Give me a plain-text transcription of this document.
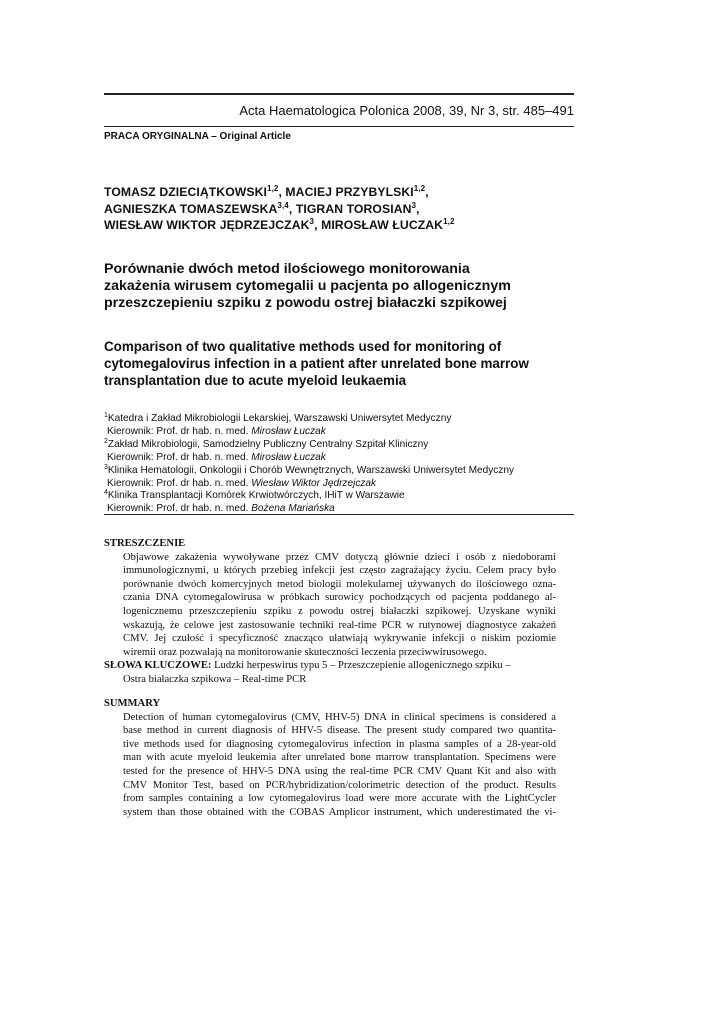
Acta Haematologica Polonica 2008, 39, Nr 3, str. 485–491
PRACA ORYGINALNA – Original Article
TOMASZ DZIECIĄTKOWSKI$^{1,2}$, MACIEJ PRZYBYLSKI$^{1,2}$,
AGNIESZKA TOMASZEWSKA$^{3,4}$, TIGRAN TOROSIAN$^3$,
WIESŁAW WIKTOR JĘDRZEJCZAK$^3$, MIROSŁAW ŁUCZAK$^{1,2}$
Porównanie dwóch metod ilościowego monitorowania
zakażenia wirusem cytomegalii u pacjenta po allogenicznym
przeszczepieniu szpiku z powodu ostrej białaczki szpikowej
Comparison of two qualitative methods used for monitoring of
cytomegalovirus infection in a patient after unrelated bone marrow
transplantation due to acute myeloid leukaemia
$^1$Katedra i Zakład Mikrobiologii Lekarskiej, Warszawski Uniwersytet Medyczny
Kierownik: Prof. dr hab. n. med. Mirosław Łuczak
$^2$Zakład Mikrobiologii, Samodzielny Publiczny Centralny Szpitał Kliniczny
Kierownik: Prof. dr hab. n. med. Mirosław Łuczak
$^3$Klinika Hematologii, Onkologii i Chorób Wewnętrznych, Warszawski Uniwersytet Medyczny
Kierownik: Prof. dr hab. n. med. Wiesław Wiktor Jędrzejczak
$^4$Klinika Transplantacji Komórek Krwiotwórczych, IHiT w Warszawie
Kierownik: Prof. dr hab. n. med. Bożena Mariańska
STRESZCZENIE
Objawowe zakażenia wywoływane przez CMV dotyczą głównie dzieci i osób z niedoborami
immunologicznymi, u których przebieg infekcji jest często zagrażający życiu. Celem pracy było
porównanie dwóch komercyjnych metod biologii molekularnej używanych do ilościowego ozna-
czania DNA cytomegalowirusa w próbkach surowicy pochodzących od pacjenta poddanego al-
logenicznemu przeszczepieniu szpiku z powodu ostrej białaczki szpikowej. Uzyskane wyniki
wskazują, że celowe jest zastosowanie techniki real-time PCR w rutynowej diagnostyce zakażeń
CMV. Jej czułość i specyficzność znacząco ułatwiają wykrywanie infekcji o niskim poziomie
wiremii oraz pozwalają na monitorowanie skuteczności leczenia przeciwwirusowego.
SŁOWA KLUCZOWE: Ludzki herpeswirus typu 5 – Przeszczepienie allogenicznego szpiku –
Ostra białaczka szpikowa – Real-time PCR
SUMMARY
Detection of human cytomegalovirus (CMV, HHV-5) DNA in clinical specimens is considered a
base method in current diagnosis of HHV-5 disease. The present study compared two quantita-
tive methods used for diagnosing cytomegalovirus infection in plasma samples of a 28-year-old
man with acute myeloid leukemia after unrelated bone marrow transplantation. Specimens were
tested for the presence of HHV-5 DNA using the real-time PCR CMV Quant Kit and also with
CMV Monitor Test, based on PCR/hybridization/colorimetric detection of the product. Results
from samples containing a low cytomegalovirus load were more accurate with the LightCycler
system than those obtained with the COBAS Amplicor instrument, which underestimated the vi-
